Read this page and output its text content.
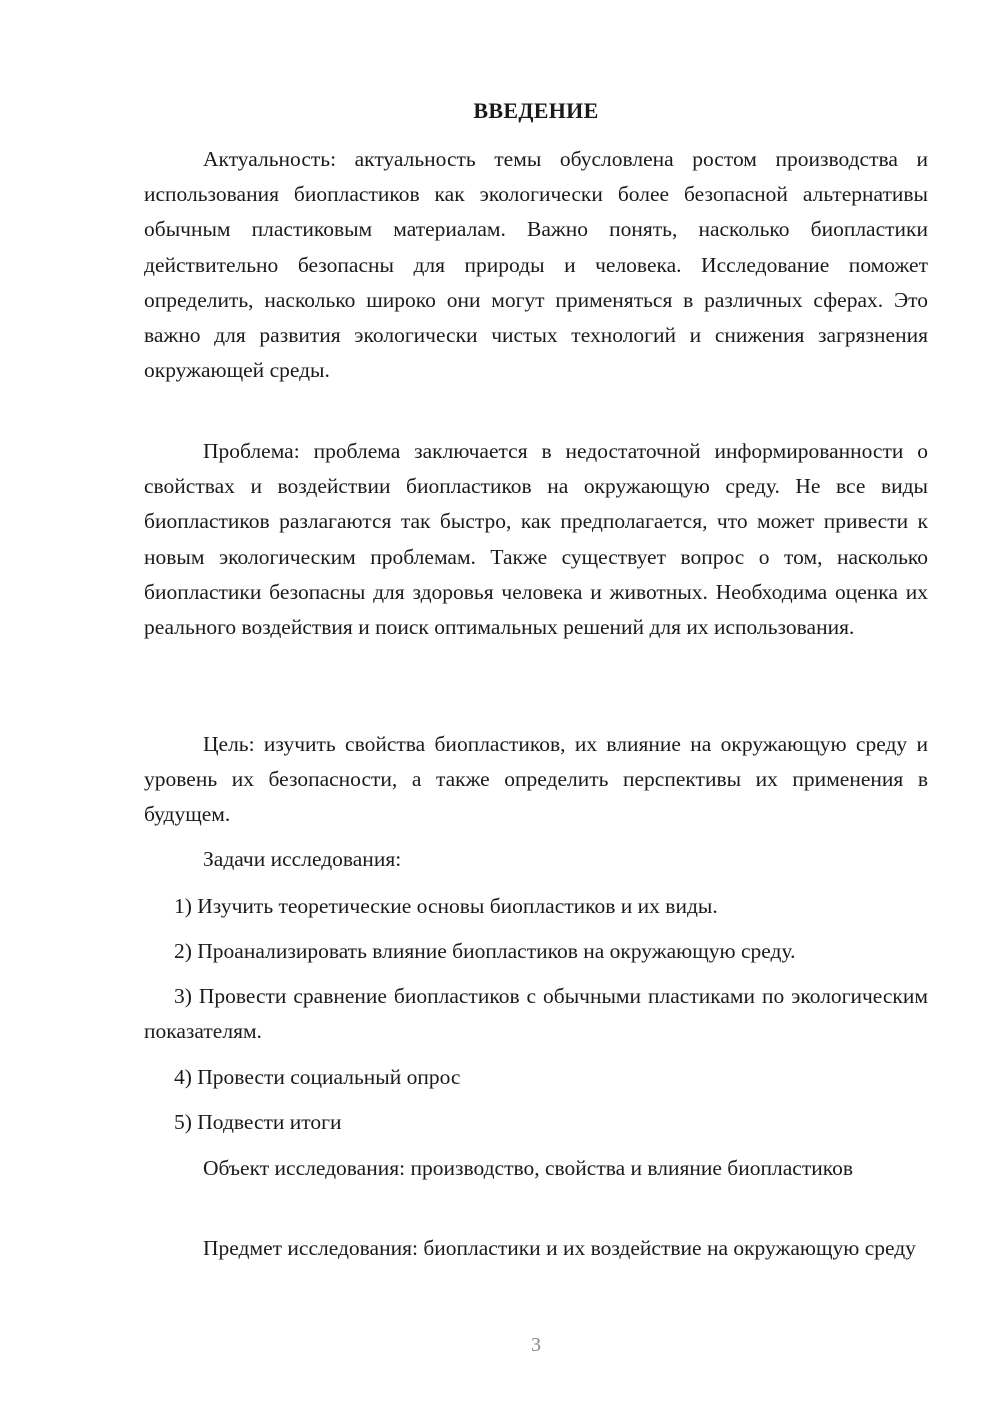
ВВЕДЕНИЕ

Актуальность: актуальность темы обусловлена ростом производства и использования биопластиков как экологически более безопасной альтернативы обычным пластиковым материалам. Важно понять, насколько биопластики действительно безопасны для природы и человека. Исследование поможет определить, насколько широко они могут применяться в различных сферах. Это важно для развития экологически чистых технологий и снижения загрязнения окружающей среды.

Проблема: проблема заключается в недостаточной информированности о свойствах и воздействии биопластиков на окружающую среду. Не все виды биопластиков разлагаются так быстро, как предполагается, что может привести к новым экологическим проблемам. Также существует вопрос о том, насколько биопластики безопасны для здоровья человека и животных. Необходима оценка их реального воздействия и поиск оптимальных решений для их использования.

Цель: изучить свойства биопластиков, их влияние на окружающую среду и уровень их безопасности, а также определить перспективы их применения в будущем.

Задачи исследования:

1) Изучить теоретические основы биопластиков и их виды.

2) Проанализировать влияние биопластиков на окружающую среду.

3) Провести сравнение биопластиков с обычными пластиками по экологическим показателям.

4) Провести социальный опрос

5) Подвести итоги

Объект исследования: производство, свойства и влияние биопластиков

Предмет исследования: биопластики и их воздействие на окружающую среду

3
